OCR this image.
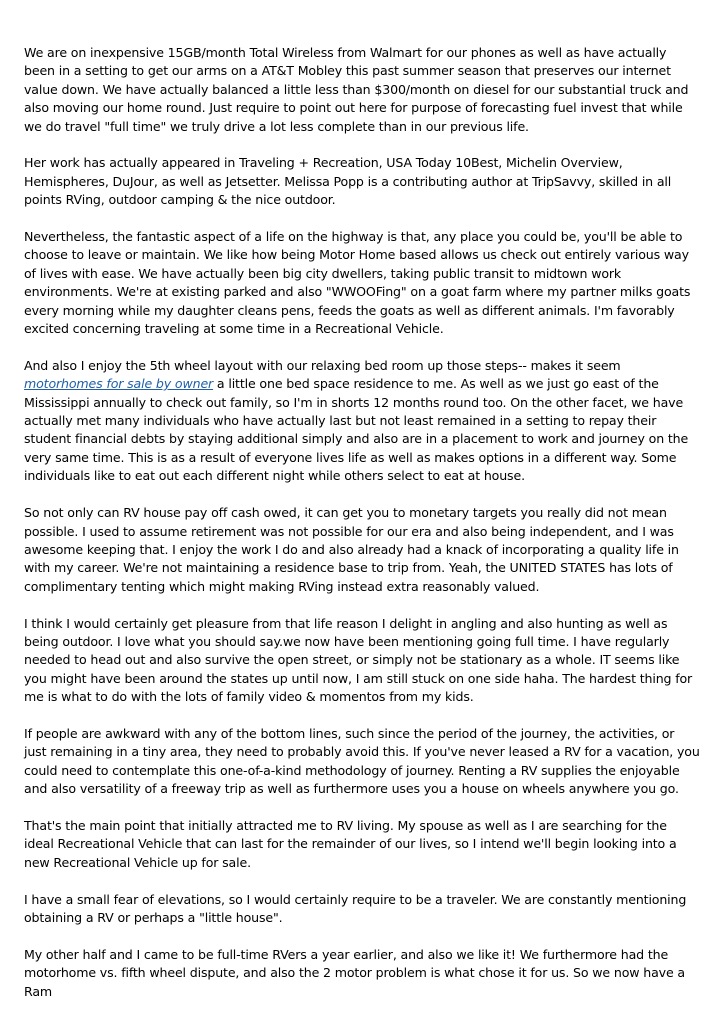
We are on inexpensive 15GB/month Total Wireless from Walmart for our phones as well as have actually been in a setting to get our arms on a AT&T Mobley this past summer season that preserves our internet value down. We have actually balanced a little less than $300/month on diesel for our substantial truck and also moving our home round. Just require to point out here for purpose of forecasting fuel invest that while we do travel "full time" we truly drive a lot less complete than in our previous life.

Her work has actually appeared in Traveling + Recreation, USA Today 10Best, Michelin Overview, Hemispheres, DuJour, as well as Jetsetter. Melissa Popp is a contributing author at TripSavvy, skilled in all points RVing, outdoor camping & the nice outdoor.

Nevertheless, the fantastic aspect of a life on the highway is that, any place you could be, you'll be able to choose to leave or maintain. We like how being Motor Home based allows us check out entirely various way of lives with ease. We have actually been big city dwellers, taking public transit to midtown work environments. We're at existing parked and also "WWOOFing" on a goat farm where my partner milks goats every morning while my daughter cleans pens, feeds the goats as well as different animals. I'm favorably excited concerning traveling at some time in a Recreational Vehicle.

And also I enjoy the 5th wheel layout with our relaxing bed room up those steps-- makes it seem motorhomes for sale by owner a little one bed space residence to me. As well as we just go east of the Mississippi annually to check out family, so I'm in shorts 12 months round too. On the other facet, we have actually met many individuals who have actually last but not least remained in a setting to repay their student financial debts by staying additional simply and also are in a placement to work and journey on the very same time. This is as a result of everyone lives life as well as makes options in a different way. Some individuals like to eat out each different night while others select to eat at house.

So not only can RV house pay off cash owed, it can get you to monetary targets you really did not mean possible. I used to assume retirement was not possible for our era and also being independent, and I was awesome keeping that. I enjoy the work I do and also already had a knack of incorporating a quality life in with my career. We're not maintaining a residence base to trip from. Yeah, the UNITED STATES has lots of complimentary tenting which might making RVing instead extra reasonably valued.

I think I would certainly get pleasure from that life reason I delight in angling and also hunting as well as being outdoor. I love what you should say.we now have been mentioning going full time. I have regularly needed to head out and also survive the open street, or simply not be stationary as a whole. IT seems like you might have been around the states up until now, I am still stuck on one side haha. The hardest thing for me is what to do with the lots of family video & momentos from my kids.

If people are awkward with any of the bottom lines, such since the period of the journey, the activities, or just remaining in a tiny area, they need to probably avoid this. If you've never leased a RV for a vacation, you could need to contemplate this one-of-a-kind methodology of journey. Renting a RV supplies the enjoyable and also versatility of a freeway trip as well as furthermore uses you a house on wheels anywhere you go.

That's the main point that initially attracted me to RV living. My spouse as well as I are searching for the ideal Recreational Vehicle that can last for the remainder of our lives, so I intend we'll begin looking into a new Recreational Vehicle up for sale.

I have a small fear of elevations, so I would certainly require to be a traveler. We are constantly mentioning obtaining a RV or perhaps a "little house".

My other half and I came to be full-time RVers a year earlier, and also we like it! We furthermore had the motorhome vs. fifth wheel dispute, and also the 2 motor problem is what chose it for us. So we now have a Ram
